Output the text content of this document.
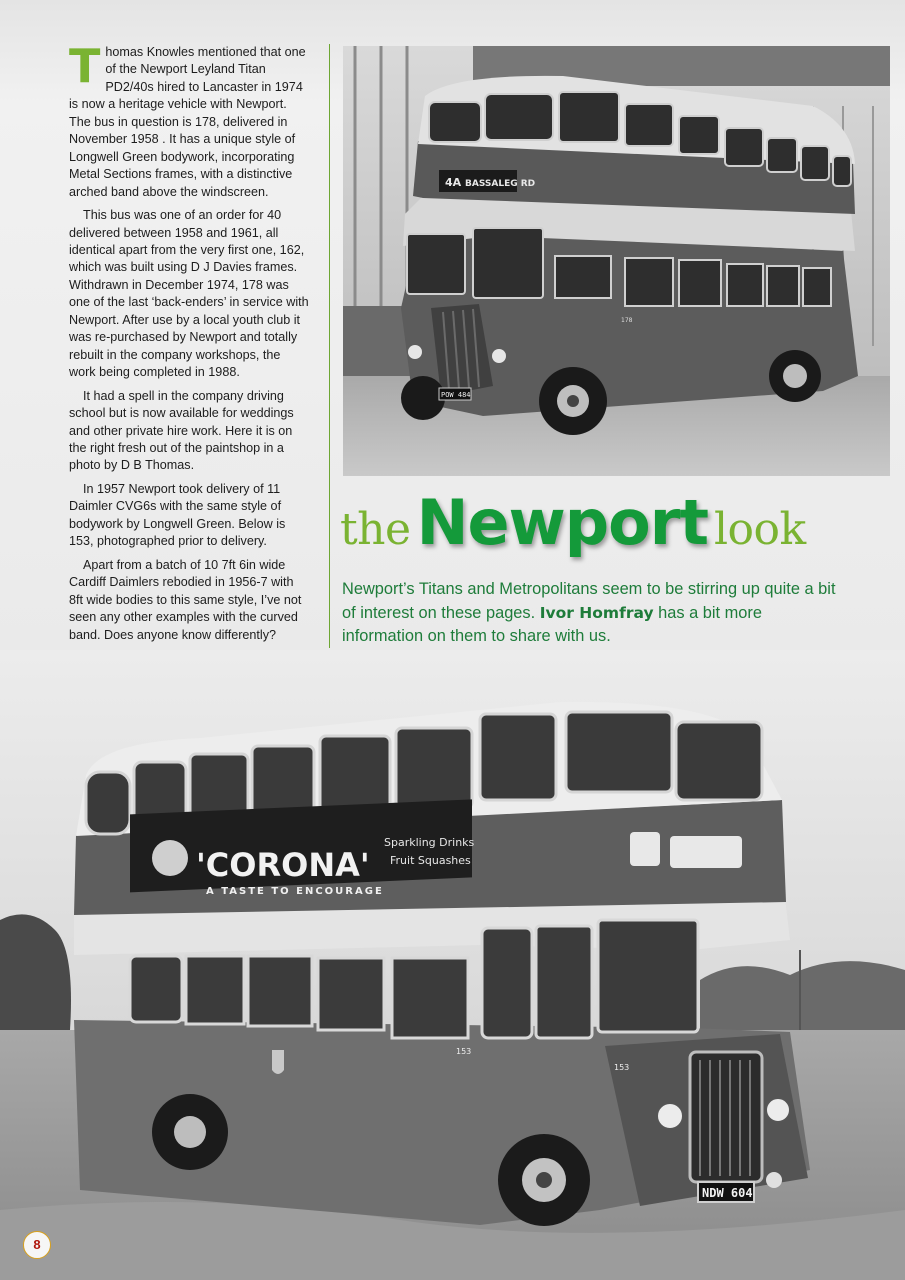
Thomas Knowles mentioned that one of the Newport Leyland Titan PD2/40s hired to Lancaster in 1974 is now a heritage vehicle with Newport. The bus in question is 178, delivered in November 1958 . It has a unique style of Longwell Green bodywork, incorporating Metal Sections frames, with a distinctive arched band above the windscreen.

This bus was one of an order for 40 delivered between 1958 and 1961, all identical apart from the very first one, 162, which was built using D J Davies frames. Withdrawn in December 1974, 178 was one of the last ‘back-enders’ in service with Newport. After use by a local youth club it was re-purchased by Newport and totally rebuilt in the company workshops, the work being completed in 1988.

It had a spell in the company driving school but is now available for weddings and other private hire work. Here it is on the right fresh out of the paintshop in a photo by D B Thomas.

In 1957 Newport took delivery of 11 Daimler CVG6s with the same style of bodywork by Longwell Green. Below is 153, photographed prior to delivery.

Apart from a batch of 10 7ft 6in wide Cardiff Daimlers rebodied in 1956-7 with 8ft wide bodies to this same style, I’ve not seen any other examples with the curved band. Does anyone know differently?

4A BASSALEG RD
178
POW 484
theNewport look
Newport’s Titans and Metropolitans seem to be stirring up quite a bit of interest on these pages. Ivor Homfray has a bit more information on them to share with us.
'CORONA'
Sparkling Drinks
Fruit Squashes
A TASTE TO ENCOURAGE
153
153
NDW 604
8
